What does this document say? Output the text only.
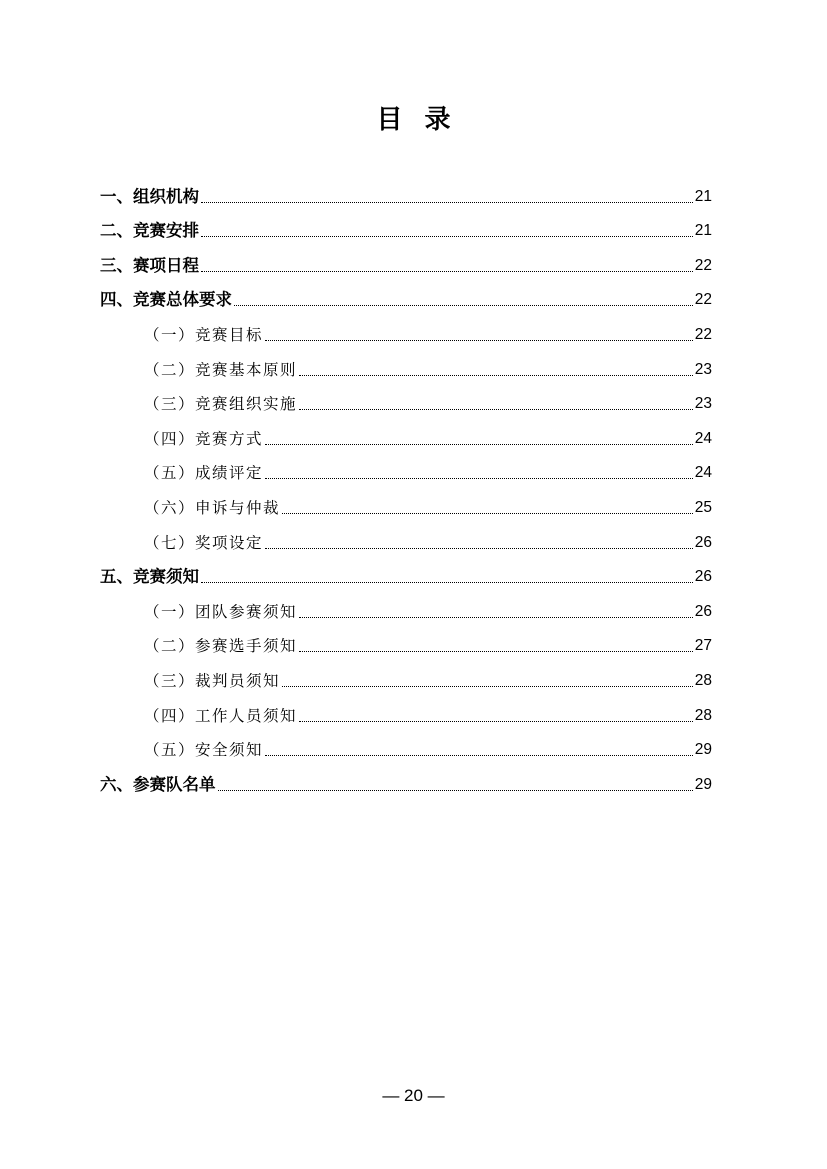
目录
一、组织机构	21
二、竞赛安排	21
三、赛项日程	22
四、竞赛总体要求	22
（一）竞赛目标	22
（二）竞赛基本原则	23
（三）竞赛组织实施	23
（四）竞赛方式	24
（五）成绩评定	24
（六）申诉与仲裁	25
（七）奖项设定	26
五、竞赛须知	26
（一）团队参赛须知	26
（二）参赛选手须知	27
（三）裁判员须知	28
（四）工作人员须知	28
（五）安全须知	29
六、参赛队名单	29
— 20 —
